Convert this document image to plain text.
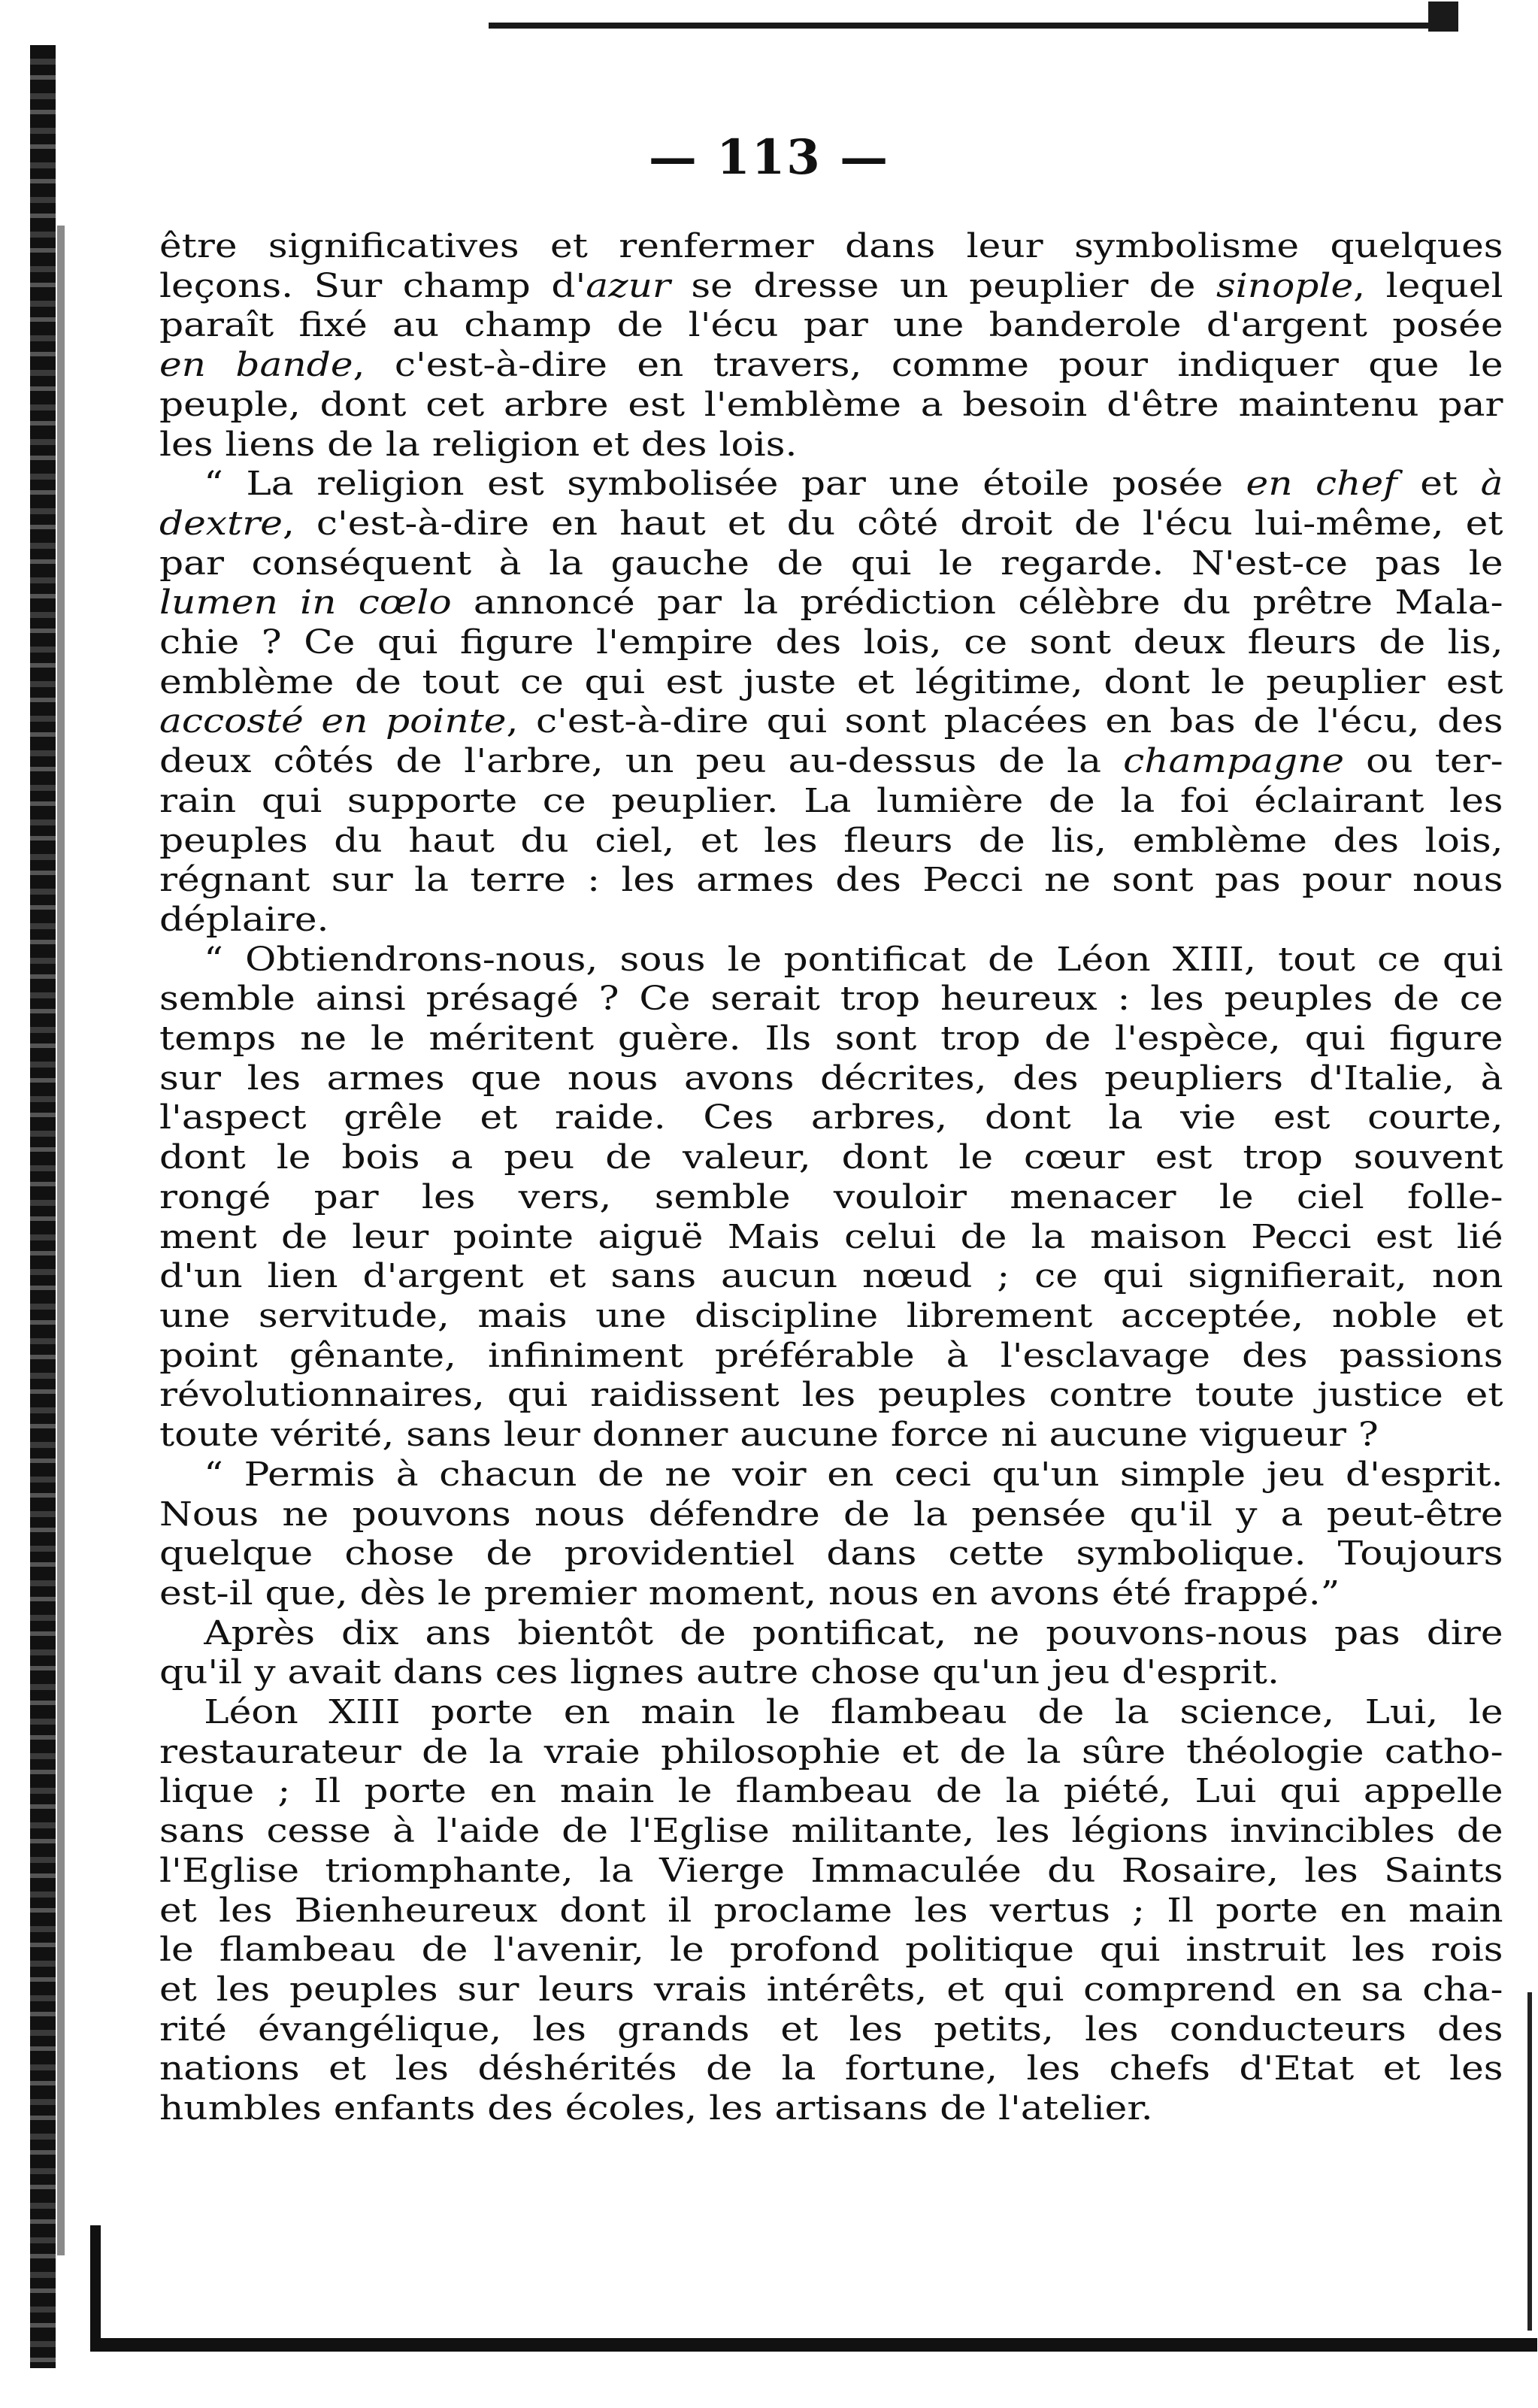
— 113 —
être significatives et renfermer dans leur symbolisme quelques
leçons. Sur champ d'azur se dresse un peuplier de sinople, lequel
paraît fixé au champ de l'écu par une banderole d'argent posée
en bande, c'est-à-dire en travers, comme pour indiquer que le
peuple, dont cet arbre est l'emblème a besoin d'être maintenu par
les liens de la religion et des lois.
“ La religion est symbolisée par une étoile posée en chef et à
dextre, c'est-à-dire en haut et du côté droit de l'écu lui-même, et
par conséquent à la gauche de qui le regarde. N'est-ce pas le
lumen in cœlo annoncé par la prédiction célèbre du prêtre Mala-
chie ? Ce qui figure l'empire des lois, ce sont deux fleurs de lis,
emblème de tout ce qui est juste et légitime, dont le peuplier est
accosté en pointe, c'est-à-dire qui sont placées en bas de l'écu, des
deux côtés de l'arbre, un peu au-dessus de la champagne ou ter-
rain qui supporte ce peuplier. La lumière de la foi éclairant les
peuples du haut du ciel, et les fleurs de lis, emblème des lois,
régnant sur la terre : les armes des Pecci ne sont pas pour nous
déplaire.
“ Obtiendrons-nous, sous le pontificat de Léon XIII, tout ce qui
semble ainsi présagé ? Ce serait trop heureux : les peuples de ce
temps ne le méritent guère. Ils sont trop de l'espèce, qui figure
sur les armes que nous avons décrites, des peupliers d'Italie, à
l'aspect grêle et raide. Ces arbres, dont la vie est courte,
dont le bois a peu de valeur, dont le cœur est trop souvent
rongé par les vers, semble vouloir menacer le ciel folle-
ment de leur pointe aiguë Mais celui de la maison Pecci est lié
d'un lien d'argent et sans aucun nœud ; ce qui signifierait, non
une servitude, mais une discipline librement acceptée, noble et
point gênante, infiniment préférable à l'esclavage des passions
révolutionnaires, qui raidissent les peuples contre toute justice et
toute vérité, sans leur donner aucune force ni aucune vigueur ?
“ Permis à chacun de ne voir en ceci qu'un simple jeu d'esprit.
Nous ne pouvons nous défendre de la pensée qu'il y a peut-être
quelque chose de providentiel dans cette symbolique. Toujours
est-il que, dès le premier moment, nous en avons été frappé.”
Après dix ans bientôt de pontificat, ne pouvons-nous pas dire
qu'il y avait dans ces lignes autre chose qu'un jeu d'esprit.
Léon XIII porte en main le flambeau de la science, Lui, le
restaurateur de la vraie philosophie et de la sûre théologie catho-
lique ; Il porte en main le flambeau de la piété, Lui qui appelle
sans cesse à l'aide de l'Eglise militante, les légions invincibles de
l'Eglise triomphante, la Vierge Immaculée du Rosaire, les Saints
et les Bienheureux dont il proclame les vertus ; Il porte en main
le flambeau de l'avenir, le profond politique qui instruit les rois
et les peuples sur leurs vrais intérêts, et qui comprend en sa cha-
rité évangélique, les grands et les petits, les conducteurs des
nations et les déshérités de la fortune, les chefs d'Etat et les
humbles enfants des écoles, les artisans de l'atelier.
